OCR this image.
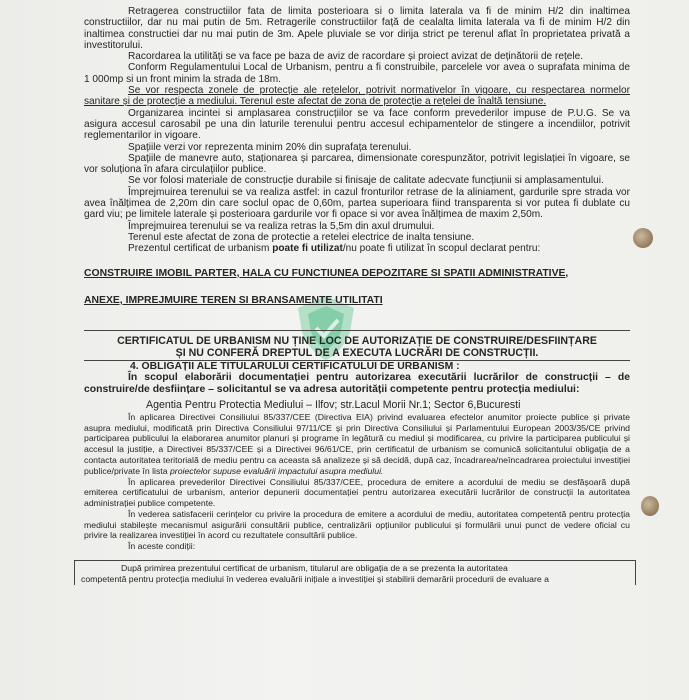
Retragerea constructiilor fata de limita posterioara si o limita laterala va fi de minim H/2 din inaltimea constructiilor, dar nu mai putin de 5m. Retragerile constructiilor față de cealalta limita laterala va fi de minim H/2 din inaltimea constructiei dar nu mai putin de 3m. Apele pluviale se vor dirija strict pe terenul aflat în proprietatea privată a investitorului.

Racordarea la utilități se va face pe baza de aviz de racordare și proiect avizat de deținătorii de rețele.

Conform Regulamentului Local de Urbanism, pentru a fi construibile, parcelele vor avea o suprafata minima de 1 000mp si un front minim la strada de 18m.

Se vor respecta zonele de protecție ale rețelelor, potrivit normativelor în vigoare, cu respectarea normelor sanitare și de protecție a mediului. Terenul este afectat de zona de protecție a rețelei de înaltă tensiune.

Organizarea incintei si amplasarea construcțiilor se va face conform prevederilor impuse de P.U.G. Se va asigura accesul carosabil pe una din laturile terenului pentru accesul echipamentelor de stingere a incendiilor, potrivit reglementarilor in vigoare.

Spațiile verzi vor reprezenta minim 20% din suprafața terenului.

Spațiile de manevre auto, staționarea și parcarea, dimensionate corespunzător, potrivit legislației în vigoare, se vor soluționa în afara circulațiilor publice.

Se vor folosi materiale de construcție durabile si finisaje de calitate adecvate funcțiunii si amplasamentului.

Împrejmuirea terenului se va realiza astfel: in cazul fronturilor retrase de la aliniament, gardurile spre strada vor avea înălțimea de 2,20m din care soclul opac de 0,60m, partea superioara fiind transparenta si vor putea fi dublate cu gard viu; pe limitele laterale și posterioara gardurile vor fi opace si vor avea înălțimea de maxim 2,50m.

Împrejmuirea terenului se va realiza retras la 5,5m din axul drumului.

Terenul este afectat de zona de protectie a retelei electrice de inalta tensiune.

Prezentul certificat de urbanism poate fi utilizat/nu poate fi utilizat în scopul declarat pentru:

CONSTRUIRE IMOBIL PARTER, HALA CU FUNCTIUNEA DEPOZITARE SI SPATII ADMINISTRATIVE,

ANEXE, IMPREJMUIRE TEREN SI BRANSAMENTE UTILITATI

CERTIFICATUL DE URBANISM NU ȚINE LOC DE AUTORIZAȚIE DE CONSTRUIRE/DESFIINȚARE

ȘI NU CONFERĂ DREPTUL DE A EXECUTA LUCRĂRI DE CONSTRUCȚII.

4. OBLIGAȚII ALE TITULARULUI CERTIFICATULUI DE URBANISM :

În scopul elaborării documentației pentru autorizarea executării lucrărilor de construcții – de construire/de desființare – solicitantul se va adresa autorității competente pentru protecția mediului:

Agentia Pentru Protectia Mediului – Ilfov; str.Lacul Morii Nr.1; Sector 6,Bucuresti

În aplicarea Directivei Consiliului 85/337/CEE (Directiva EIA) privind evaluarea efectelor anumitor proiecte publice și private asupra mediului, modificată prin Directiva Consiliului 97/11/CE și prin Directiva Consiliului și Parlamentului European 2003/35/CE privind participarea publicului la elaborarea anumitor planuri și programe în legătură cu mediul și modificarea, cu privire la participarea publicului și accesul la justiție, a Directivei 85/337/CEE și a Directivei 96/61/CE, prin certificatul de urbanism se comunică solicitantului obligația de a contacta autoritatea teritorială de mediu pentru ca aceasta să analizeze și să decidă, după caz, încadrarea/neîncadrarea proiectului investiției publice/private în lista proiectelor supuse evaluării impactului asupra mediului.

În aplicarea prevederilor Directivei Consiliului 85/337/CEE, procedura de emitere a acordului de mediu se desfășoară după emiterea certificatului de urbanism, anterior depunerii documentației pentru autorizarea executării lucrărilor de construcții la autoritatea administrației publice competente.

În vederea satisfacerii cerințelor cu privire la procedura de emitere a acordului de mediu, autoritatea competentă pentru protecția mediului stabilește mecanismul asigurării consultării publice, centralizării opțiunilor publicului și formulării unui punct de vedere oficial cu privire la realizarea investiției în acord cu rezultatele consultării publice.

În aceste condiții:

După primirea prezentului certificat de urbanism, titularul are obligația de a se prezenta la autoritatea

competentă pentru protecția mediului în vederea evaluării inițiale a investiției și stabilirii demarării procedurii de evaluare a
